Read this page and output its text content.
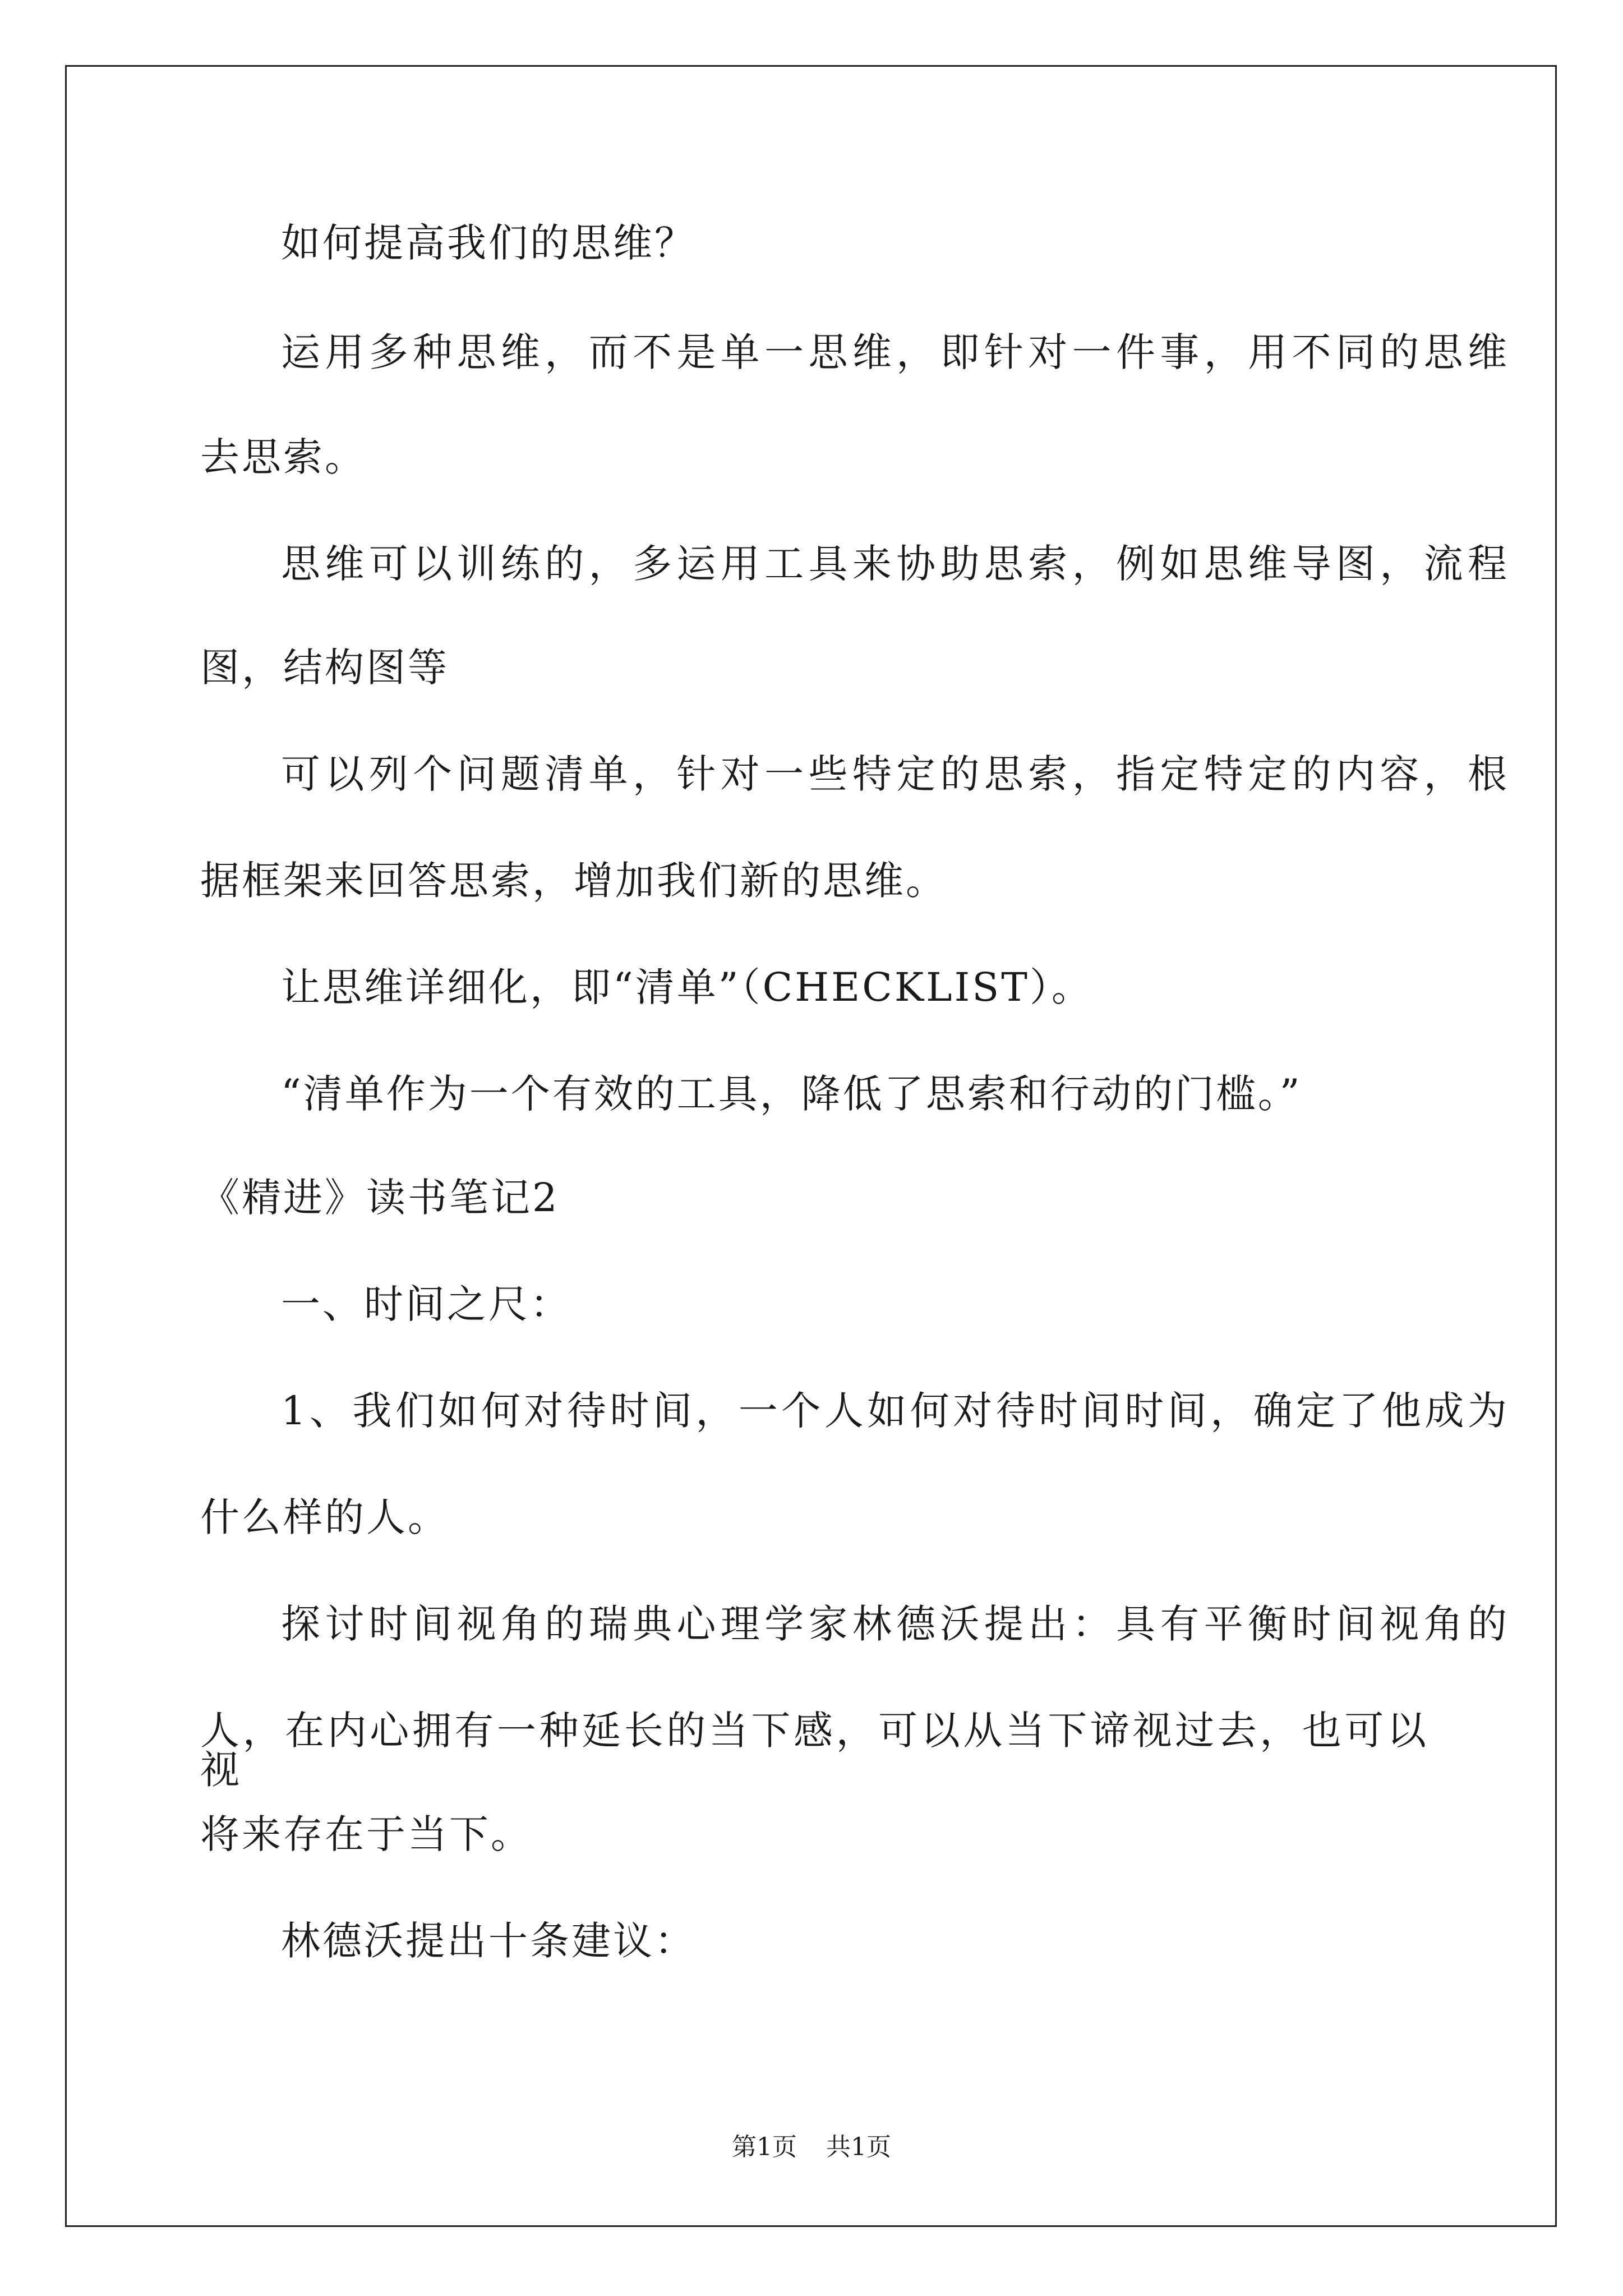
如何提高我们的思维？
运用多种思维，而不是单一思维，即针对一件事，用不同的思维
去思索。
思维可以训练的，多运用工具来协助思索，例如思维导图，流程
图，结构图等
可以列个问题清单，针对一些特定的思索，指定特定的内容，根
据框架来回答思索，增加我们新的思维。
让思维详细化，即“清单”（CHECKLIST）。
“清单作为一个有效的工具，降低了思索和行动的门槛。”
《精进》读书笔记2
一、时间之尺：
1、我们如何对待时间，一个人如何对待时间时间，确定了他成为
什么样的人。
探讨时间视角的瑞典心理学家林德沃提出：具有平衡时间视角的
人，在内心拥有一种延长的当下感，可以从当下谛视过去，也可以视
将来存在于当下。
林德沃提出十条建议：
第1页 共1页
